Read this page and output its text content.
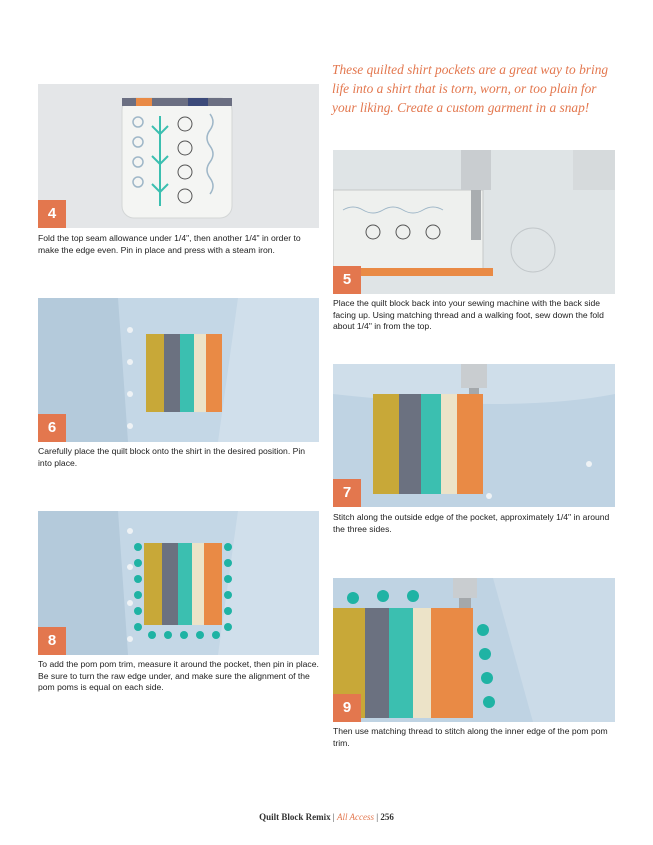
These quilted shirt pockets are a great way to bring life into a shirt that is torn, worn, or too plain for your liking. Create a custom garment in a snap!
4
Fold the top seam allowance under 1/4", then another 1/4" in order to make the edge even. Pin in place and press with a steam iron.
5
Place the quilt block back into your sewing machine with the back side facing up. Using matching thread and a walking foot, sew down the fold about 1/4" in from the top.
6
Carefully place the quilt block onto the shirt in the desired position. Pin into place.
7
Stitch along the outside edge of the pocket, approximately 1/4" in around the three sides.
8
To add the pom pom trim, measure it around the pocket, then pin in place. Be sure to turn the raw edge under, and make sure the alignment of the pom poms is equal on each side.
9
Then use matching thread to stitch along the inner edge of the pom pom trim.
Quilt Block Remix | All Access | 256
